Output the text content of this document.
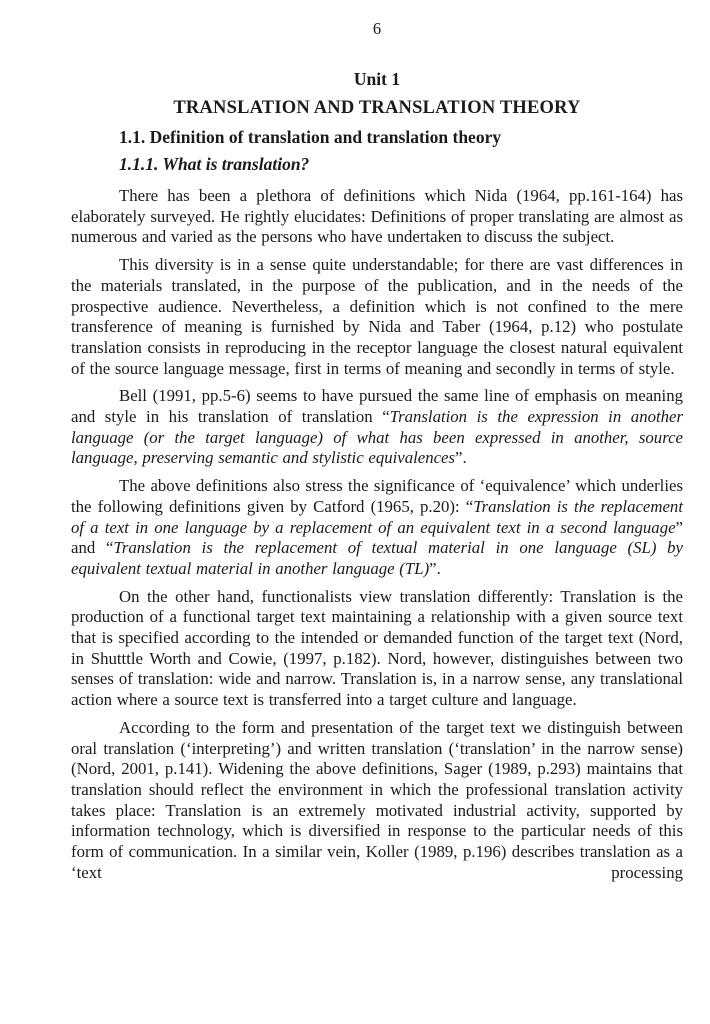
6
Unit 1
TRANSLATION AND TRANSLATION THEORY
1.1. Definition of translation and translation theory
1.1.1. What is translation?

There has been a plethora of definitions which Nida (1964, pp.161-164) has elaborately surveyed. He rightly elucidates: Definitions of proper translating are almost as numerous and varied as the persons who have undertaken to discuss the subject.

This diversity is in a sense quite understandable; for there are vast differences in the materials translated, in the purpose of the publication, and in the needs of the prospective audience. Nevertheless, a definition which is not confined to the mere transference of meaning is furnished by Nida and Taber (1964, p.12) who postulate translation consists in reproducing in the receptor language the closest natural equivalent of the source language message, first in terms of meaning and secondly in terms of style.

Bell (1991, pp.5-6) seems to have pursued the same line of emphasis on meaning and style in his translation of translation “Translation is the expression in another language (or the target language) of what has been expressed in another, source language, preserving semantic and stylistic equivalences”.

The above definitions also stress the significance of ‘equivalence’ which underlies the following definitions given by Catford (1965, p.20): “Translation is the replacement of a text in one language by a replacement of an equivalent text in a second language” and “Translation is the replacement of textual material in one language (SL) by equivalent textual material in another language (TL)”.

On the other hand, functionalists view translation differently: Translation is the production of a functional target text maintaining a relationship with a given source text that is specified according to the intended or demanded function of the target text (Nord, in Shutttle Worth and Cowie, (1997, p.182). Nord, however, distinguishes between two senses of translation: wide and narrow. Translation is, in a narrow sense, any translational action where a source text is transferred into a target culture and language.

According to the form and presentation of the target text we distinguish between oral translation (‘interpreting’) and written translation (‘translation’ in the narrow sense) (Nord, 2001, p.141). Widening the above definitions, Sager (1989, p.293) maintains that translation should reflect the environment in which the professional translation activity takes place: Translation is an extremely motivated industrial activity, supported by information technology, which is diversified in response to the particular needs of this form of communication. In a similar vein, Koller (1989, p.196) describes translation as a ‘text processing
